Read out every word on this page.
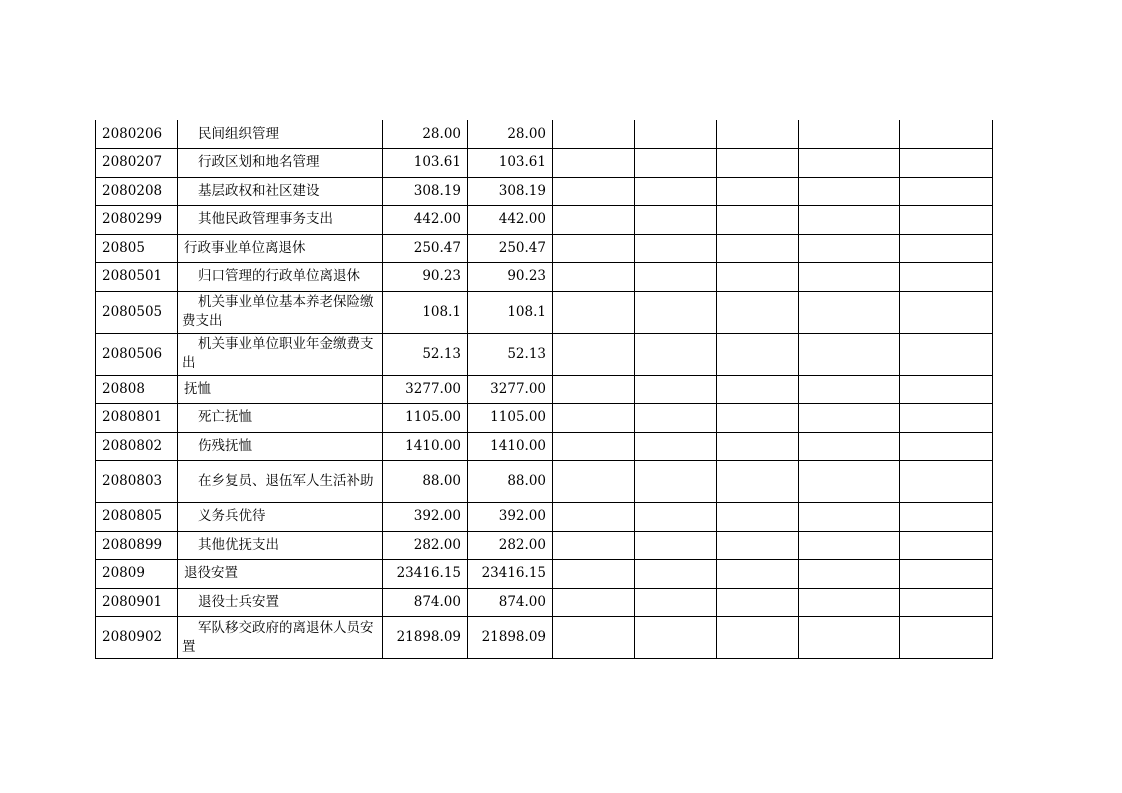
2080206	民间组织管理	28.00	28.00					
2080207	行政区划和地名管理	103.61	103.61					
2080208	基层政权和社区建设	308.19	308.19					
2080299	其他民政管理事务支出	442.00	442.00					
20805	行政事业单位离退休	250.47	250.47					
2080501	归口管理的行政单位离退休	90.23	90.23					
2080505	机关事业单位基本养老保险缴费支出	108.1	108.1					
2080506	机关事业单位职业年金缴费支出	52.13	52.13					
20808	抚恤	3277.00	3277.00					
2080801	死亡抚恤	1105.00	1105.00					
2080802	伤残抚恤	1410.00	1410.00					
2080803	在乡复员、退伍军人生活补助	88.00	88.00					
2080805	义务兵优待	392.00	392.00					
2080899	其他优抚支出	282.00	282.00					
20809	退役安置	23416.15	23416.15					
2080901	退役士兵安置	874.00	874.00					
2080902	军队移交政府的离退休人员安置	21898.09	21898.09					
